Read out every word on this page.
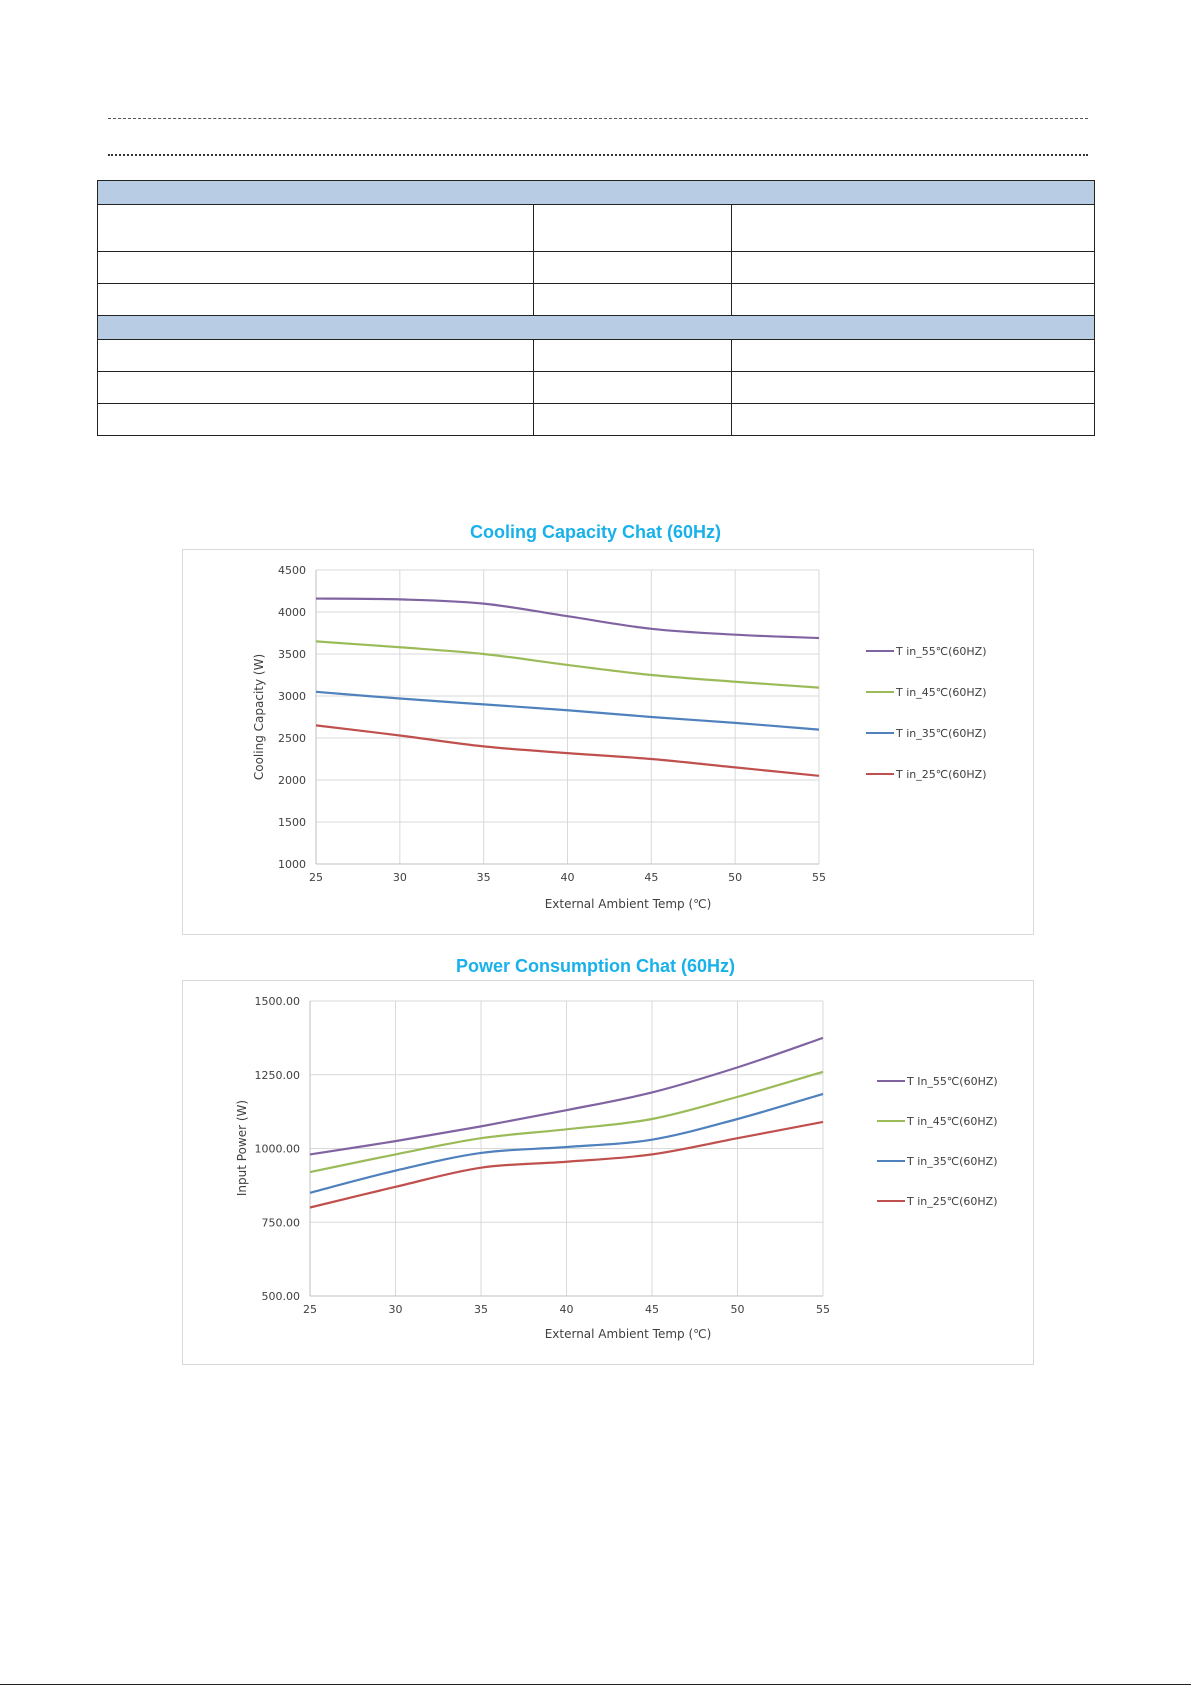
Cooling Capacity Chat (60Hz)
25	30	35	40	45	50	55
1000
1500
2000
2500
3000
3500
4000
4500
T in_55℃(60HZ)
T in_45℃(60HZ)
T in_35℃(60HZ)
T in_25℃(60HZ)
External Ambient Temp (℃)
Cooling Capacity (W)
Power Consumption Chat (60Hz)
25	30	35	40	45	50	55
500.00
750.00
1000.00
1250.00
1500.00
T In_55℃(60HZ)
T in_45℃(60HZ)
T in_35℃(60HZ)
T in_25℃(60HZ)
External Ambient Temp (℃)
Input Power (W)
